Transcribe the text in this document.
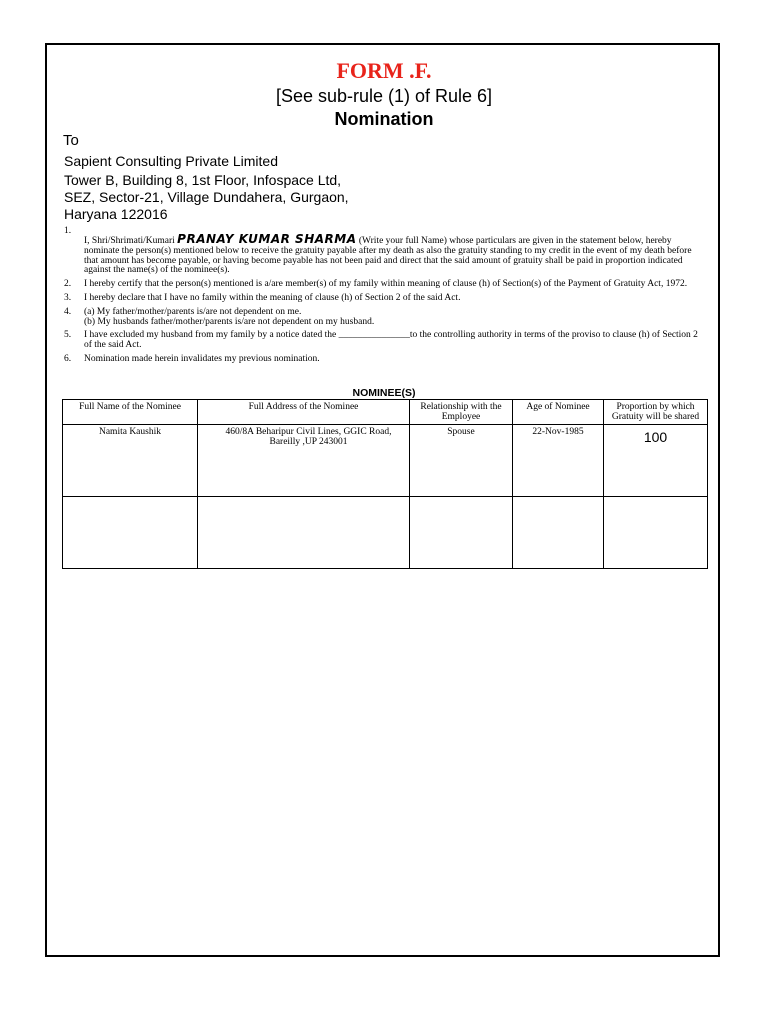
FORM .F.
[See sub-rule (1) of Rule 6]
Nomination
To
Sapient Consulting Private Limited
Tower B, Building 8, 1st Floor, Infospace Ltd,
SEZ, Sector-21, Village Dundahera, Gurgaon,
Haryana 122016
1.
I, Shri/Shrimati/Kumari PRANAY KUMAR SHARMA (Write your full Name) whose particulars are given in the statement below, hereby nominate the person(s) mentioned below to receive the gratuity payable after my death as also the gratuity standing to my credit in the event of my death before that amount has become payable, or having become payable has not been paid and direct that the said amount of gratuity shall be paid in proportion indicated against the name(s) of the nominee(s).
2. I hereby certify that the person(s) mentioned is a/are member(s) of my family within meaning of clause (h) of Section(s) of the Payment of Gratuity Act, 1972.
3. I hereby declare that I have no family within the meaning of clause (h) of Section 2 of the said Act.
4. (a) My father/mother/parents is/are not dependent on me.
(b) My husbands father/mother/parents is/are not dependent on my husband.
5. I have excluded my husband from my family by a notice dated the _______________to the controlling authority in terms of the proviso to clause (h) of Section 2 of the said Act.
6. Nomination made herein invalidates my previous nomination.
NOMINEE(S)
Full Name of the Nominee	Full Address of the Nominee	Relationship with the Employee	Age of Nominee	Proportion by which Gratuity will be shared
Namita Kaushik	460/8A Beharipur Civil Lines, GGIC Road, Bareilly ,UP 243001	Spouse	22-Nov-1985	100
